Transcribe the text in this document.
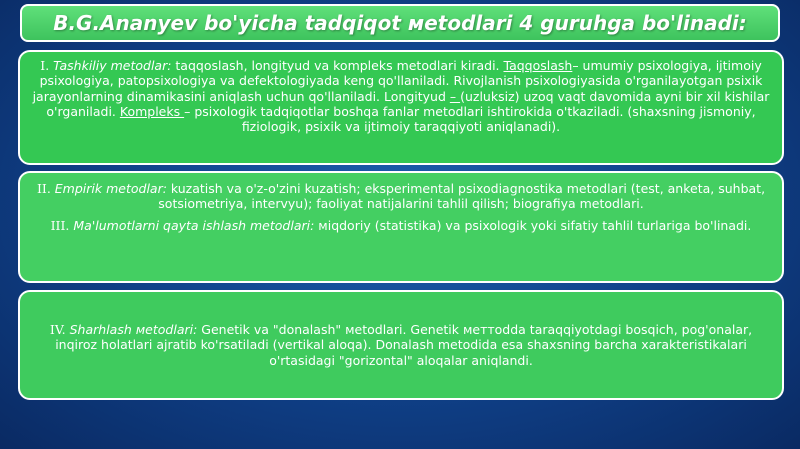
B.G.Ananyev bo'yicha tadqiqot мetodlari 4 guruhga bo'linadi:
I. Tashkiliy metodlar: taqqoslash, longityud va kompleks metodlari kiradi. Taqqoslash– umumiy psixologiya, ijtimoiy psixologiya, patopsixologiya va defektologiyada keng qo'llaniladi. Rivojlanish psixologiyasida o'rganilayotgan psixik jarayonlarning dinamikasini aniqlash uchun qo'llaniladi. Longityud – (uzluksiz) uzoq vaqt davomida ayni bir xil kishilar o'rganiladi. Kompleks – psixologik tadqiqotlar boshqa fanlar metodlari ishtirokida o'tkaziladi. (shaxsning jismoniy, fiziologik, psixik va ijtimoiy taraqqiyoti aniqlanadi).

II. Empirik metodlar: kuzatish va o'z-o'zini kuzatish; eksperimental psixodiagnostika metodlari (test, anketa, suhbat, sotsiometriya, intervyu); faoliyat natijalarini tahlil qilish; biografiya metodlari.

III. Ma'lumotlarni qayta ishlash metodlari: мiqdoriy (statistika) va psixologik yoki sifatiy tahlil turlariga bo'linadi.

IV. Sharhlash мetodlari: Genetik va "donalash" мetodlari. Genetik мeттodda taraqqiyotdagi bosqich, pog'onalar, inqiroz holatlari ajratib ko'rsatiladi (vertikal aloqa). Donalash metodida esa shaxsning barcha xarakteristikalari o'rtasidagi "gorizontal" aloqalar aniqlandi.
